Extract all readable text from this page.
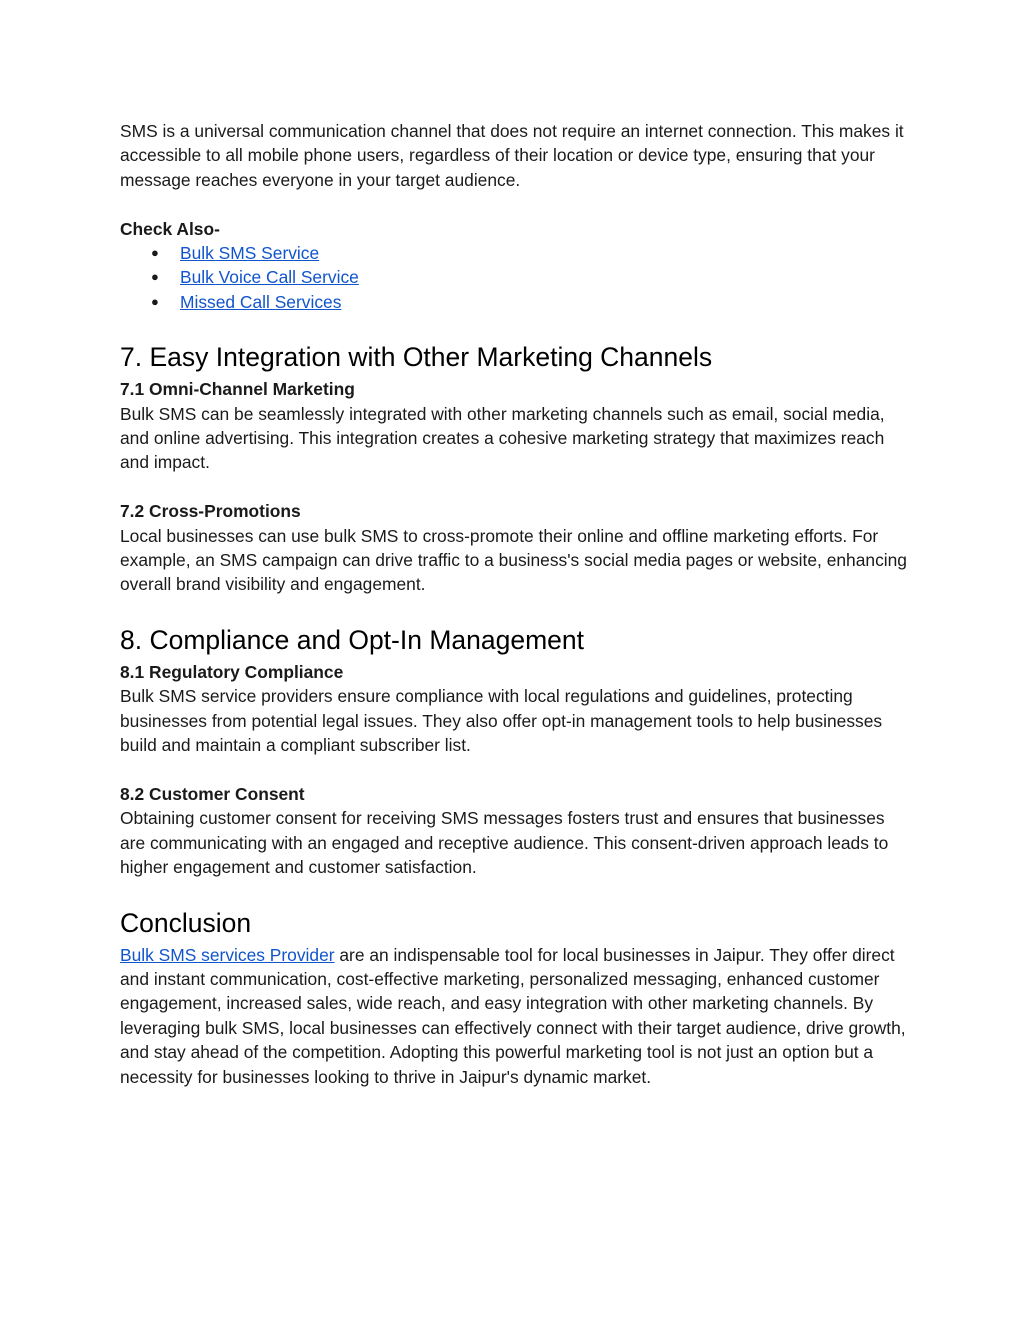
SMS is a universal communication channel that does not require an internet connection. This makes it accessible to all mobile phone users, regardless of their location or device type, ensuring that your message reaches everyone in your target audience.

Check Also-

● Bulk SMS Service
● Bulk Voice Call Service
● Missed Call Services
7. Easy Integration with Other Marketing Channels

7.1 Omni-Channel Marketing

Bulk SMS can be seamlessly integrated with other marketing channels such as email, social media, and online advertising. This integration creates a cohesive marketing strategy that maximizes reach and impact.

7.2 Cross-Promotions

Local businesses can use bulk SMS to cross-promote their online and offline marketing efforts. For example, an SMS campaign can drive traffic to a business's social media pages or website, enhancing overall brand visibility and engagement.

8. Compliance and Opt-In Management

8.1 Regulatory Compliance

Bulk SMS service providers ensure compliance with local regulations and guidelines, protecting businesses from potential legal issues. They also offer opt-in management tools to help businesses build and maintain a compliant subscriber list.

8.2 Customer Consent

Obtaining customer consent for receiving SMS messages fosters trust and ensures that businesses are communicating with an engaged and receptive audience. This consent-driven approach leads to higher engagement and customer satisfaction.

Conclusion

Bulk SMS services Provider are an indispensable tool for local businesses in Jaipur. They offer direct and instant communication, cost-effective marketing, personalized messaging, enhanced customer engagement, increased sales, wide reach, and easy integration with other marketing channels. By leveraging bulk SMS, local businesses can effectively connect with their target audience, drive growth, and stay ahead of the competition. Adopting this powerful marketing tool is not just an option but a necessity for businesses looking to thrive in Jaipur's dynamic market.
